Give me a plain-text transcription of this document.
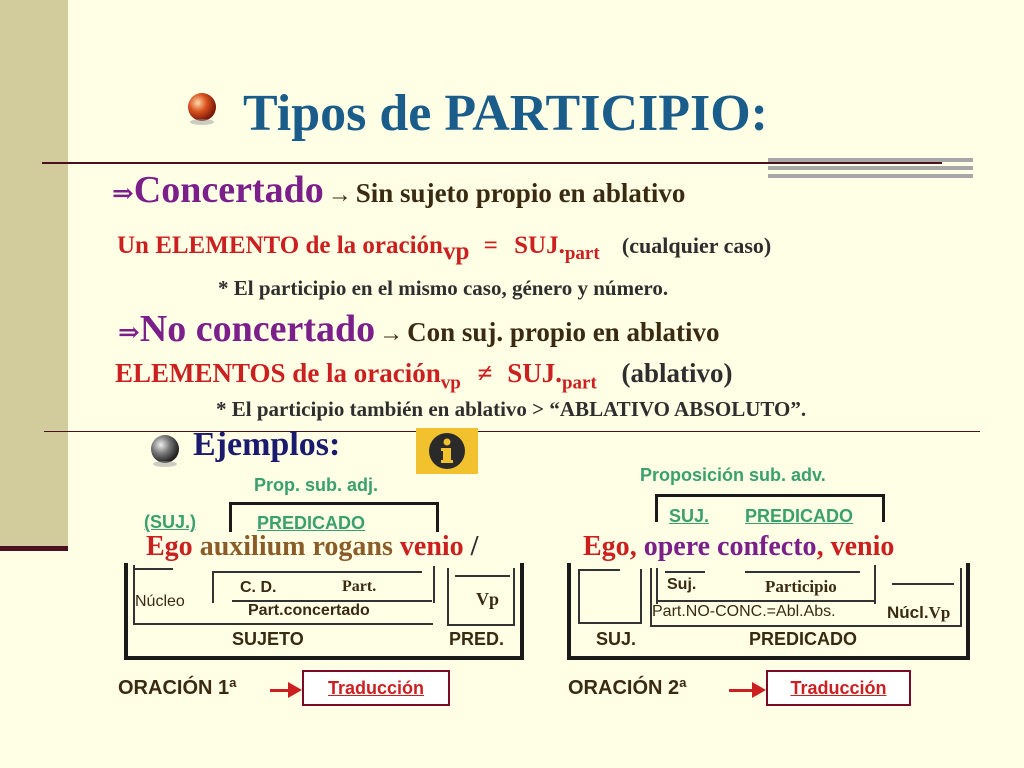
Tipos de PARTICIPIO:
⇒Concertado → Sin sujeto propio en ablativo
Un ELEMENTO de la oración$_{vp}$ = $SUJ._{part}$ (cualquier caso)
* El participio en el mismo caso, género y número.
⇒No concertado → Con suj. propio en ablativo
ELEMENTOS de la oración$_{vp}$ ≠ $SUJ._{part}$ (ablativo)
* El participio también en ablativo > “ABLATIVO ABSOLUTO”.
Ejemplos:
Prop. sub. adj.
(SUJ.)	PREDICADO
Ego auxilium rogans venio /
C. D.	Part.
Núcleo	Vp
Part.concertado
SUJETO	PRED.
ORACIÓN 1ª	Traducción
Proposición sub. adv.
SUJ. PREDICADO
Ego, opere confecto, venio
Suj.	Participio
Part.NO-CONC.=Abl.Abs.	Núcl.Vp
SUJ.	PREDICADO
ORACIÓN 2ª	Traducción
